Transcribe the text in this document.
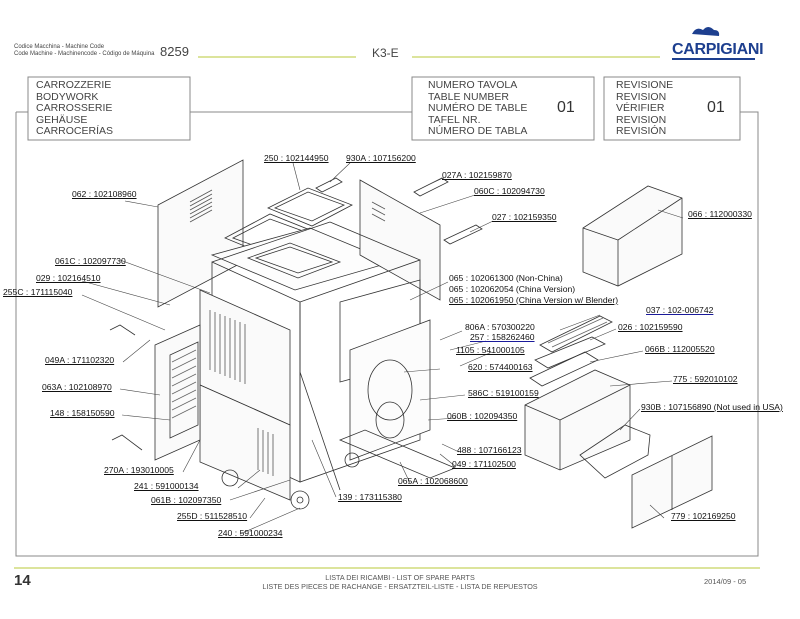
Codice Macchina - Machine Code
Code Machine - Machinencode - Código de Máquina 8259	K3-E	CARPIGIANI
CARROZZERIE
BODYWORK
CARROSSERIE
GEHÄUSE
CARROCERÍAS
NUMERO TAVOLA
TABLE NUMBER
NUMÉRO DE TABLE
TAFEL NR.
NÚMERO DE TABLA
01
REVISIONE
REVISION
VÉRIFIER
REVISION
REVISIÓN
01
250 : 102144950 930A : 107156200
027A : 102159870
060C : 102094730
062 : 102108960
027 : 102159350	066 : 112000330
061C : 102097730
029 : 102164510
255C : 171115040
065 : 102061300 (Non-China)
065 : 102062054 (China Version)
065 : 102061950 (China Version w/ Blender)
037 : 102-006742
806A : 570300220
257 : 158262460
026 : 102159590
1105 : 541000105	066B : 112005520
049A : 171102320
620 : 574400163
775 : 592010102
063A : 102108970
586C : 519100159
930B : 107156890 (Not used in USA)
148 : 158150590	060B : 102094350
488 : 107166123
049 : 171102500
270A : 193010005
065A : 102068600
241 : 591000134
061B : 102097350	139 : 173115380
255D : 511528510	779 : 102169250
240 : 591000234
14	LISTA DEI RICAMBI - LIST OF SPARE PARTS
LISTE DES PIECES DE RACHANGE - ERSATZTEIL-LISTE - LISTA DE REPUESTOS
2014/09 - 05
